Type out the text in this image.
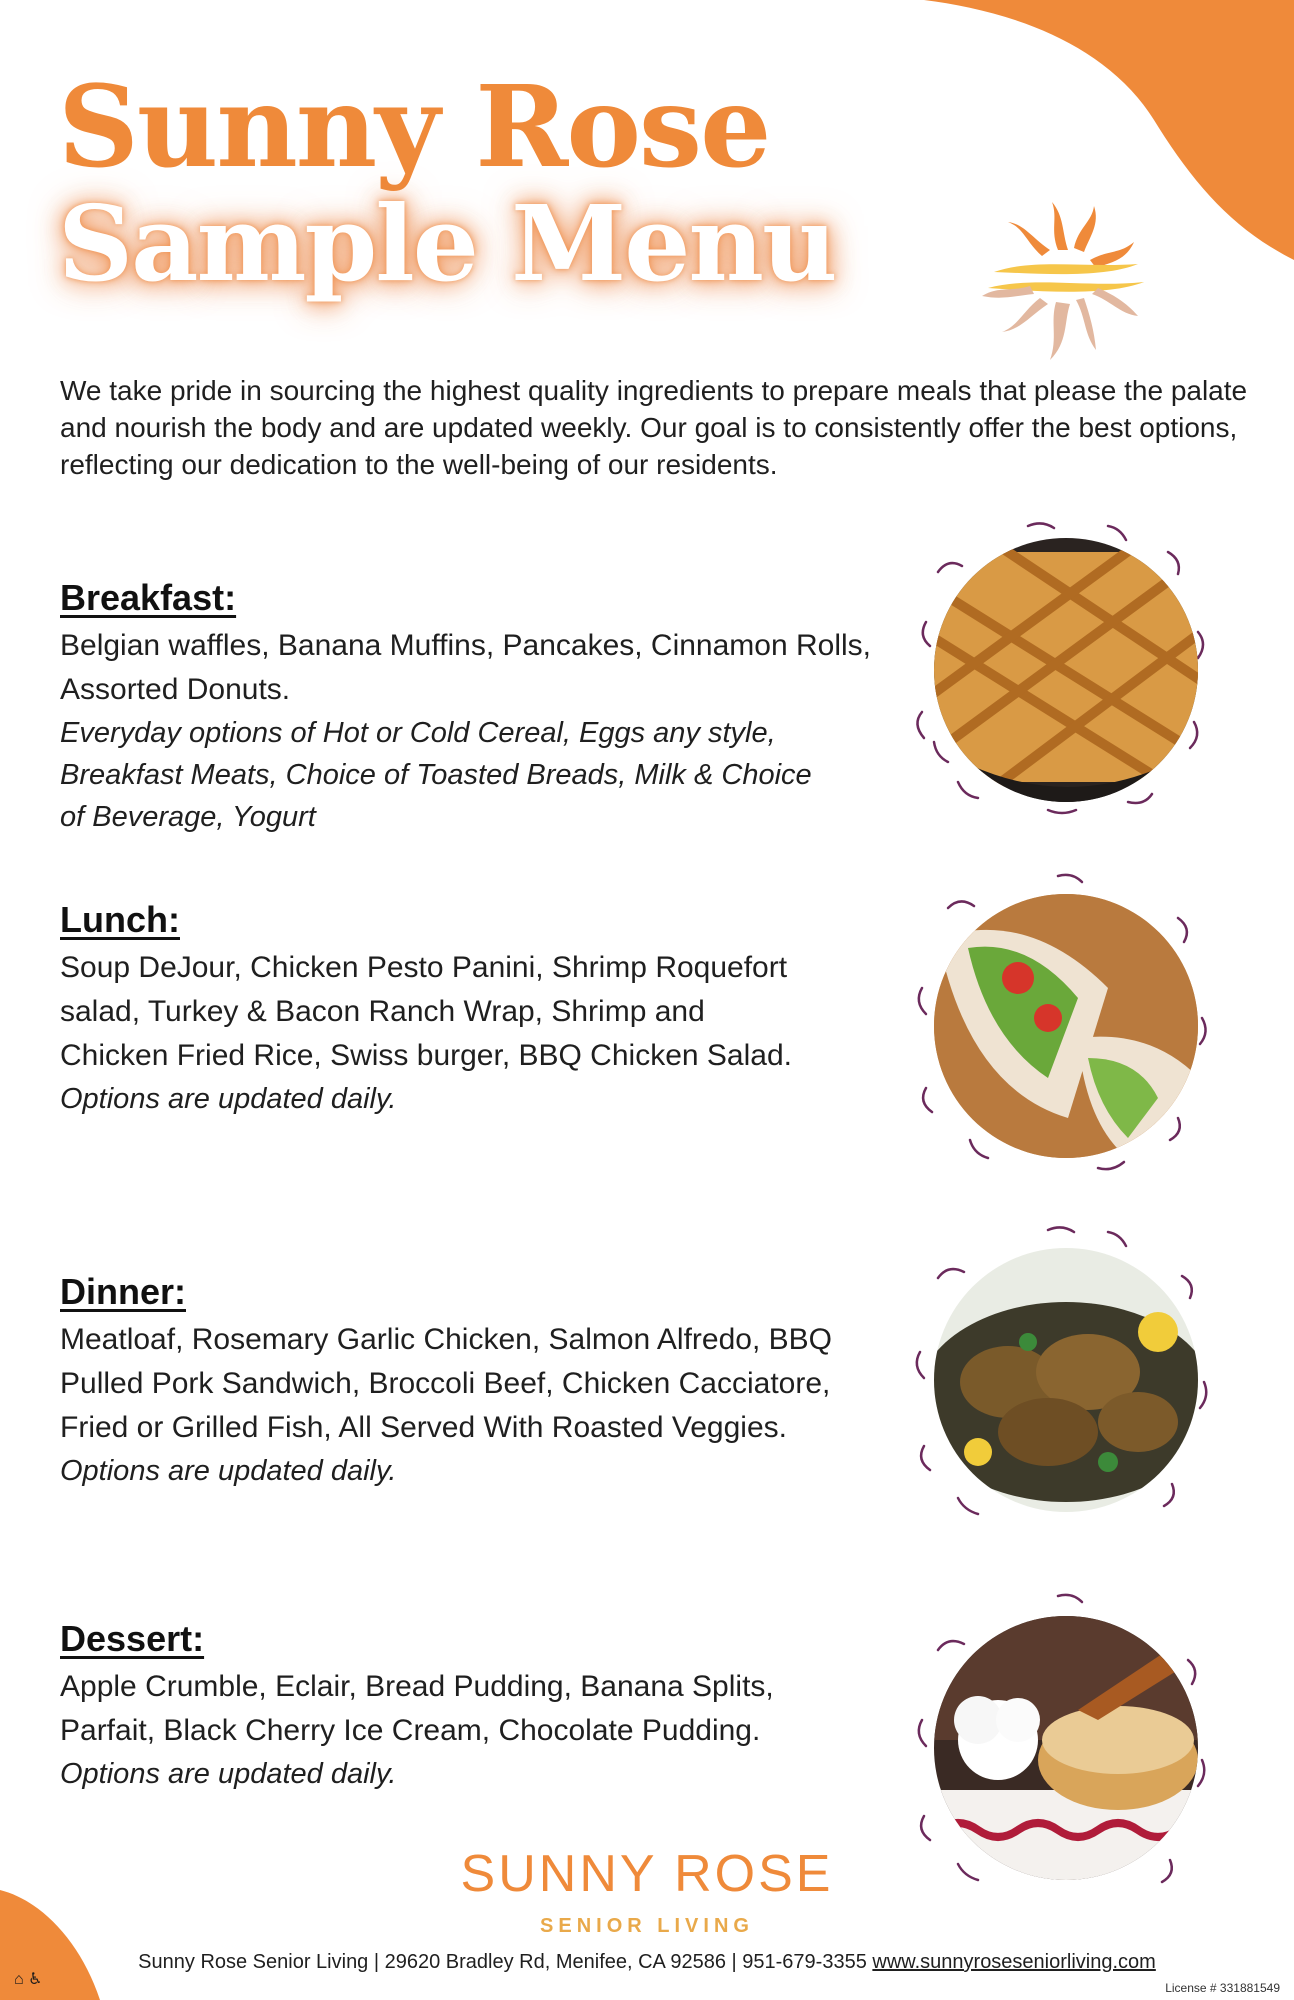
Sunny Rose
Sample Menu

We take pride in sourcing the highest quality ingredients to prepare meals that please the palate and nourish the body and are updated weekly. Our goal is to consistently offer the best options, reflecting our dedication to the well-being of our residents.

Breakfast:

Belgian waffles, Banana Muffins, Pancakes, Cinnamon Rolls, Assorted Donuts.

Everyday options of Hot or Cold Cereal, Eggs any style, Breakfast Meats, Choice of Toasted Breads, Milk & Choice of Beverage, Yogurt

Lunch:

Soup DeJour, Chicken Pesto Panini, Shrimp Roquefort salad, Turkey & Bacon Ranch Wrap, Shrimp and Chicken Fried Rice, Swiss burger, BBQ Chicken Salad.

Options are updated daily.

Dinner:

Meatloaf, Rosemary Garlic Chicken, Salmon Alfredo, BBQ Pulled Pork Sandwich, Broccoli Beef, Chicken Cacciatore, Fried or Grilled Fish, All Served With Roasted Veggies.

Options are updated daily.

Dessert:

Apple Crumble, Eclair, Bread Pudding, Banana Splits, Parfait, Black Cherry Ice Cream, Chocolate Pudding.

Options are updated daily.

SUNNY ROSE
SENIOR LIVING
⌂ ♿
Sunny Rose Senior Living | 29620 Bradley Rd, Menifee, CA 92586 | 951-679-3355 www.sunnyroseseniorliving.com
License # 331881549
